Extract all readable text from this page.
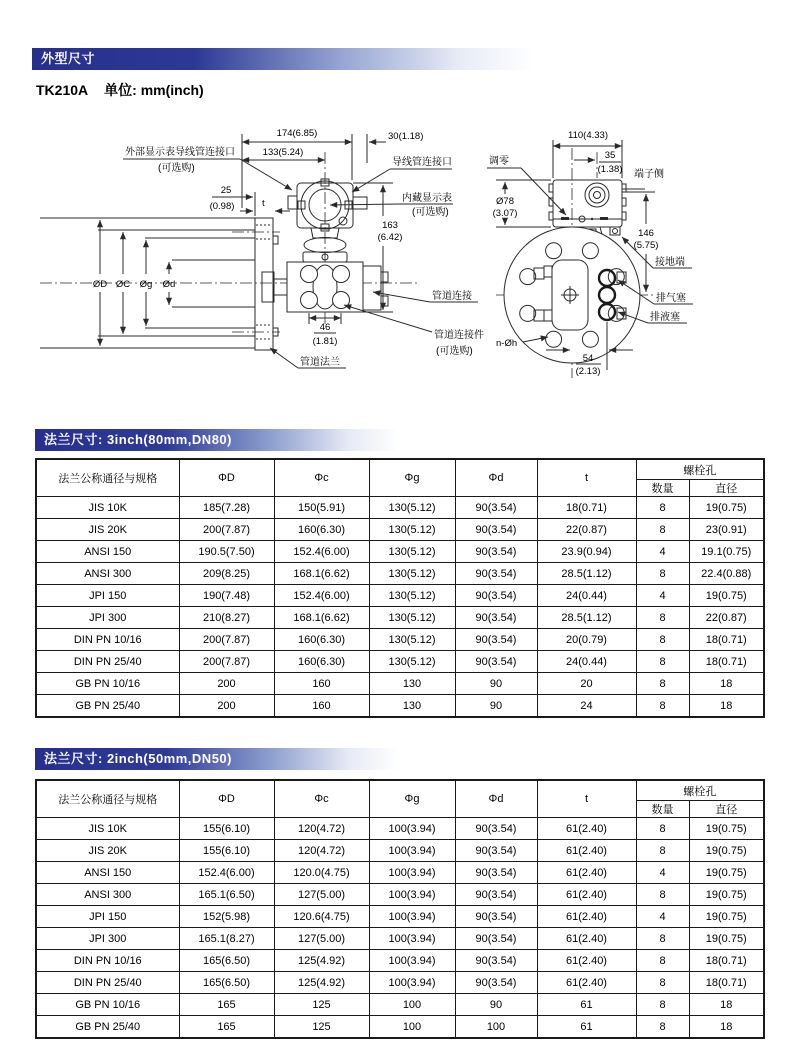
外型尺寸
TK210A 单位: mm(inch)
174(6.85)
133(5.24)
30(1.18)
25
(0.98)	t
163
(6.42)
46
(1.81)
ØD ØC Øg Ød
外部显示表导线管连接口
(可选购)
导线管连接口
内藏显示表
(可选购)
管道连接
管道连接件
(可选购)
管道法兰
110(4.33)
35
(1.38)
Ø78
(3.07)
146
(5.75)
54
(2.13)
调零
端子侧
接地端
排气塞
排液塞
n-Øh
法兰尺寸: 3inch(80mm,DN80)
法兰公称通径与规格	ΦD	Φc	Φg	Φd	t	螺栓孔	
						数量	直径
JIS 10K	185(7.28)	150(5.91)	130(5.12)	90(3.54)	18(0.71)	8	19(0.75)
JIS 20K	200(7.87)	160(6.30)	130(5.12)	90(3.54)	22(0.87)	8	23(0.91)
ANSI 150	190.5(7.50)	152.4(6.00)	130(5.12)	90(3.54)	23.9(0.94)	4	19.1(0.75)
ANSI 300	209(8.25)	168.1(6.62)	130(5.12)	90(3.54)	28.5(1.12)	8	22.4(0.88)
JPI 150	190(7.48)	152.4(6.00)	130(5.12)	90(3.54)	24(0.44)	4	19(0.75)
JPI 300	210(8.27)	168.1(6.62)	130(5.12)	90(3.54)	28.5(1.12)	8	22(0.87)
DIN PN 10/16	200(7.87)	160(6.30)	130(5.12)	90(3.54)	20(0.79)	8	18(0.71)
DIN PN 25/40	200(7.87)	160(6.30)	130(5.12)	90(3.54)	24(0.44)	8	18(0.71)
GB PN 10/16	200	160	130	90	20	8	18
GB PN 25/40	200	160	130	90	24	8	18
法兰尺寸: 2inch(50mm,DN50)
法兰公称通径与规格	ΦD	Φc	Φg	Φd	t	螺栓孔	
						数量	直径
JIS 10K	155(6.10)	120(4.72)	100(3.94)	90(3.54)	61(2.40)	8	19(0.75)
JIS 20K	155(6.10)	120(4.72)	100(3.94)	90(3.54)	61(2.40)	8	19(0.75)
ANSI 150	152.4(6.00)	120.0(4.75)	100(3.94)	90(3.54)	61(2.40)	4	19(0.75)
ANSI 300	165.1(6.50)	127(5.00)	100(3.94)	90(3.54)	61(2.40)	8	19(0.75)
JPI 150	152(5.98)	120.6(4.75)	100(3.94)	90(3.54)	61(2.40)	4	19(0.75)
JPI 300	165.1(8.27)	127(5.00)	100(3.94)	90(3.54)	61(2.40)	8	19(0.75)
DIN PN 10/16	165(6.50)	125(4.92)	100(3.94)	90(3.54)	61(2.40)	8	18(0.71)
DIN PN 25/40	165(6.50)	125(4.92)	100(3.94)	90(3.54)	61(2.40)	8	18(0.71)
GB PN 10/16	165	125	100	90	61	8	18
GB PN 25/40	165	125	100	100	61	8	18
